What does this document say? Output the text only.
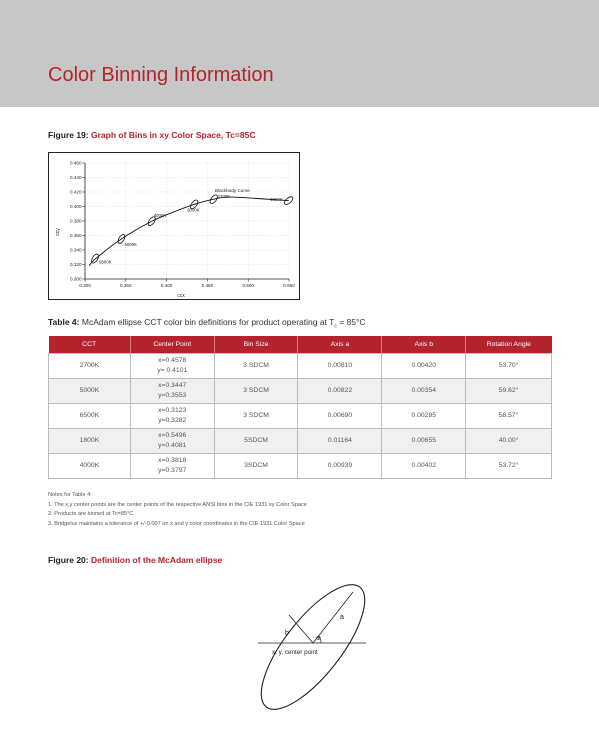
Color Binning Information
Figure 19: Graph of Bins in xy Color Space, Tc=85C
0.300	0.350	0.400	0.450	0.500	0.550
0.300
0.320
0.340
0.360
0.380
0.400
0.420
0.440
0.460
6500K
5000K
4000K
3000K
2700K
1800K
ccx
ccy
Blackbody Curve
Table 4: McAdam ellipse CCT color bin definitions for product operating at $T_c = 85^\circ C$
CCT	Center Point	Bin Size	Axis a	Axis b	Rotation Angle
2700K	x=0.4578
y= 0.4101	3 SDCM	0.00810	0.00420	53.70°
5000K	x=0.3447
y=0.3553	3 SDCM	0.00822	0.00354	59.62°
6500K	x=0.3123
y=0.3282	3 SDCM	0.00690	0.00285	58.57°
1800K	x=0.5496
y=0.4081	5SDCM	0.01164	0.00655	40.00°
4000K	x=0.3818
y=0.3797	3SDCM	0.00939	0.00402	53.72°
Notes for Table 4:
1. The x,y center points are the center points of the respective ANSI bins in the CIE 1931 xy Color Space
2. Products are binned at Tc=85°C
3. Bridgelux maintains a tolerance of +/-0.007 on x and y color coordinates in the CIE 1931 Color Space
Figure 20: Definition of the McAdam ellipse
a
b
Φ
x, y, center point
